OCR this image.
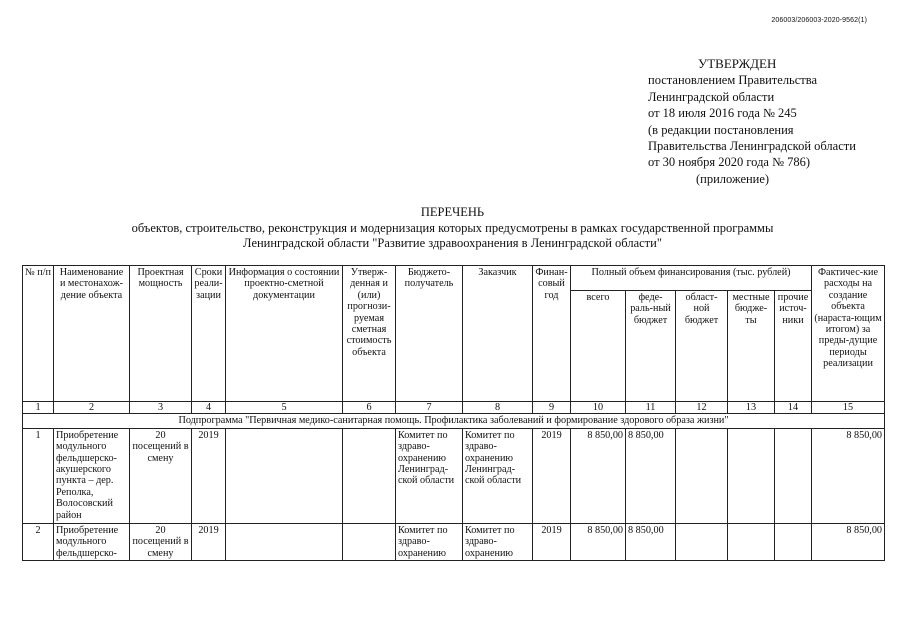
206003/206003-2020-9562(1)
УТВЕРЖДЕН
постановлением Правительства
Ленинградской области
от 18 июля 2016 года № 245
(в редакции постановления
Правительства Ленинградской области
от 30 ноября 2020 года № 786)
(приложение)
ПЕРЕЧЕНЬ
объектов, строительство, реконструкция и модернизация которых предусмотрены в рамках государственной программы
Ленинградской области "Развитие здравоохранения в Ленинградской области"
№ п/п	Наименование и местонахож-дение объекта	Проектная мощность	Сроки реали-зации	Информация о состоянии проектно-сметной документации	Утверж-денная и (или) прогнози-руемая сметная стоимость объекта	Бюджето-получатель	Заказчик	Финан-совый год	Полный объем финансирования (тыс. рублей)					Фактичес-кие расходы на создание объекта (нараста-ющим итогом) за преды-дущие периоды реализации
									всего	феде-раль-ный бюджет	област-ной бюджет	местные бюдже-ты	прочие источ-ники	
1	2	3	4	5	6	7	8	9	10	11	12	13	14	15
Подпрограмма "Первичная медико-санитарная помощь. Профилактика заболеваний и формирование здорового образа жизни"														
1	Приобретение модульного фельдшерско-акушерского пункта – дер. Реполка, Волосовский район	20 посещений в смену	2019			Комитет по здраво-охранению Ленинград-ской области	Комитет по здраво-охранению Ленинград-ской области	2019	8 850,00	8 850,00				8 850,00
2	Приобретение модульного фельдшерско-	20 посещений в смену	2019			Комитет по здраво-охранению	Комитет по здраво-охранению	2019	8 850,00	8 850,00				8 850,00
